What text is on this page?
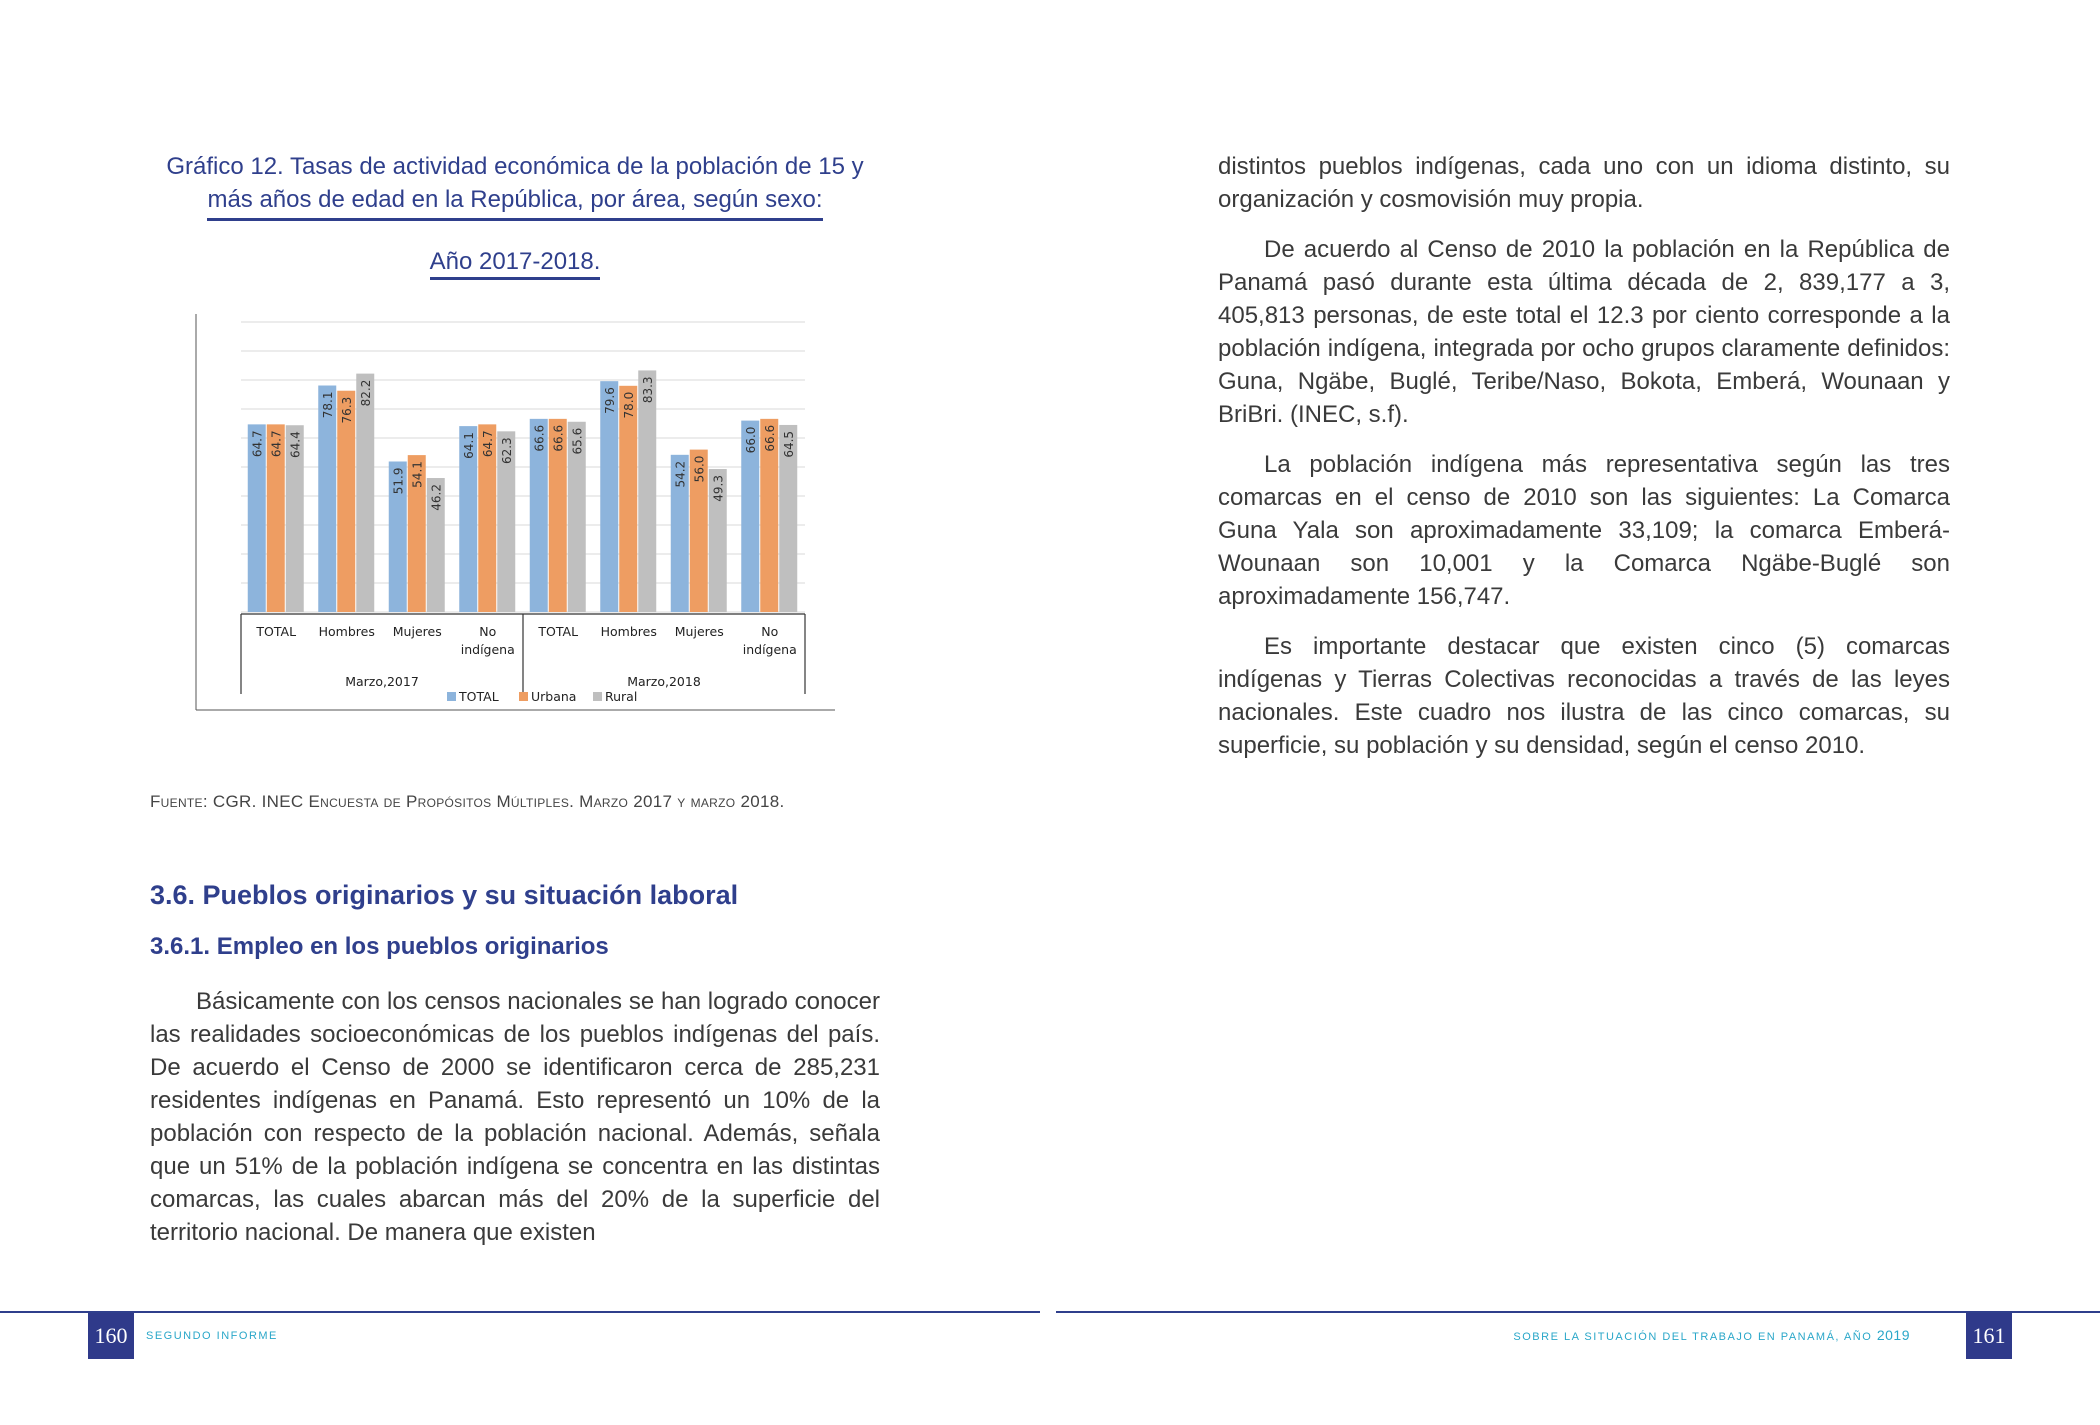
Gráfico 12. Tasas de actividad económica de la población de 15 y
más años de edad en la República, por área, según sexo:
Año 2017-2018.
64.7
78.1
51.9
64.1	66.6
79.6
54.2
66.0
64.7
76.3
54.1
64.7	66.6
78.0
56.0
66.6
64.4
82.2
46.2
62.3	65.6
83.3
49.3
64.5
TOTAL Hombres Mujeres	No
indígena
TOTAL Hombres Mujeres	No
indígena
Marzo,2017	Marzo,2018
TOTAL	Urbana Rural
Fuente: CGR. INEC Encuesta de Propósitos Múltiples. Marzo 2017 y marzo 2018.
3.6. Pueblos originarios y su situación laboral
3.6.1. Empleo en los pueblos originarios
Básicamente con los censos nacionales se han logrado conocer las realidades socioeconómicas de los pueblos indígenas del país. De acuerdo el Censo de 2000 se identificaron cerca de 285,231 residentes indígenas en Panamá. Esto representó un 10% de la población con respecto de la población nacional. Además, señala que un 51% de la población indígena se concentra en las distintas comarcas, las cuales abarcan más del 20% de la superficie del territorio nacional. De manera que existen

distintos pueblos indígenas, cada uno con un idioma distinto, su organización y cosmovisión muy propia.

De acuerdo al Censo de 2010 la población en la República de Panamá pasó durante esta última década de 2, 839,177 a 3, 405,813 personas, de este total el 12.3 por ciento corresponde a la población indígena, integrada por ocho grupos claramente definidos: Guna, Ngäbe, Buglé, Teribe/Naso, Bokota, Emberá, Wounaan y BriBri. (INEC, s.f).

La población indígena más representativa según las tres comarcas en el censo de 2010 son las siguientes: La Comarca Guna Yala son aproximadamente 33,109; la comarca Emberá-Wounaan son 10,001 y la Comarca Ngäbe-Buglé son aproximadamente 156,747.

Es importante destacar que existen cinco (5) comarcas indígenas y Tierras Colectivas reconocidas a través de las leyes nacionales. Este cuadro nos ilustra de las cinco comarcas, su superficie, su población y su densidad, según el censo 2010.

160	SEGUNDO INFORME	SOBRE LA SITUACIÓN DEL TRABAJO EN PANAMÁ, AÑO 2019	161
